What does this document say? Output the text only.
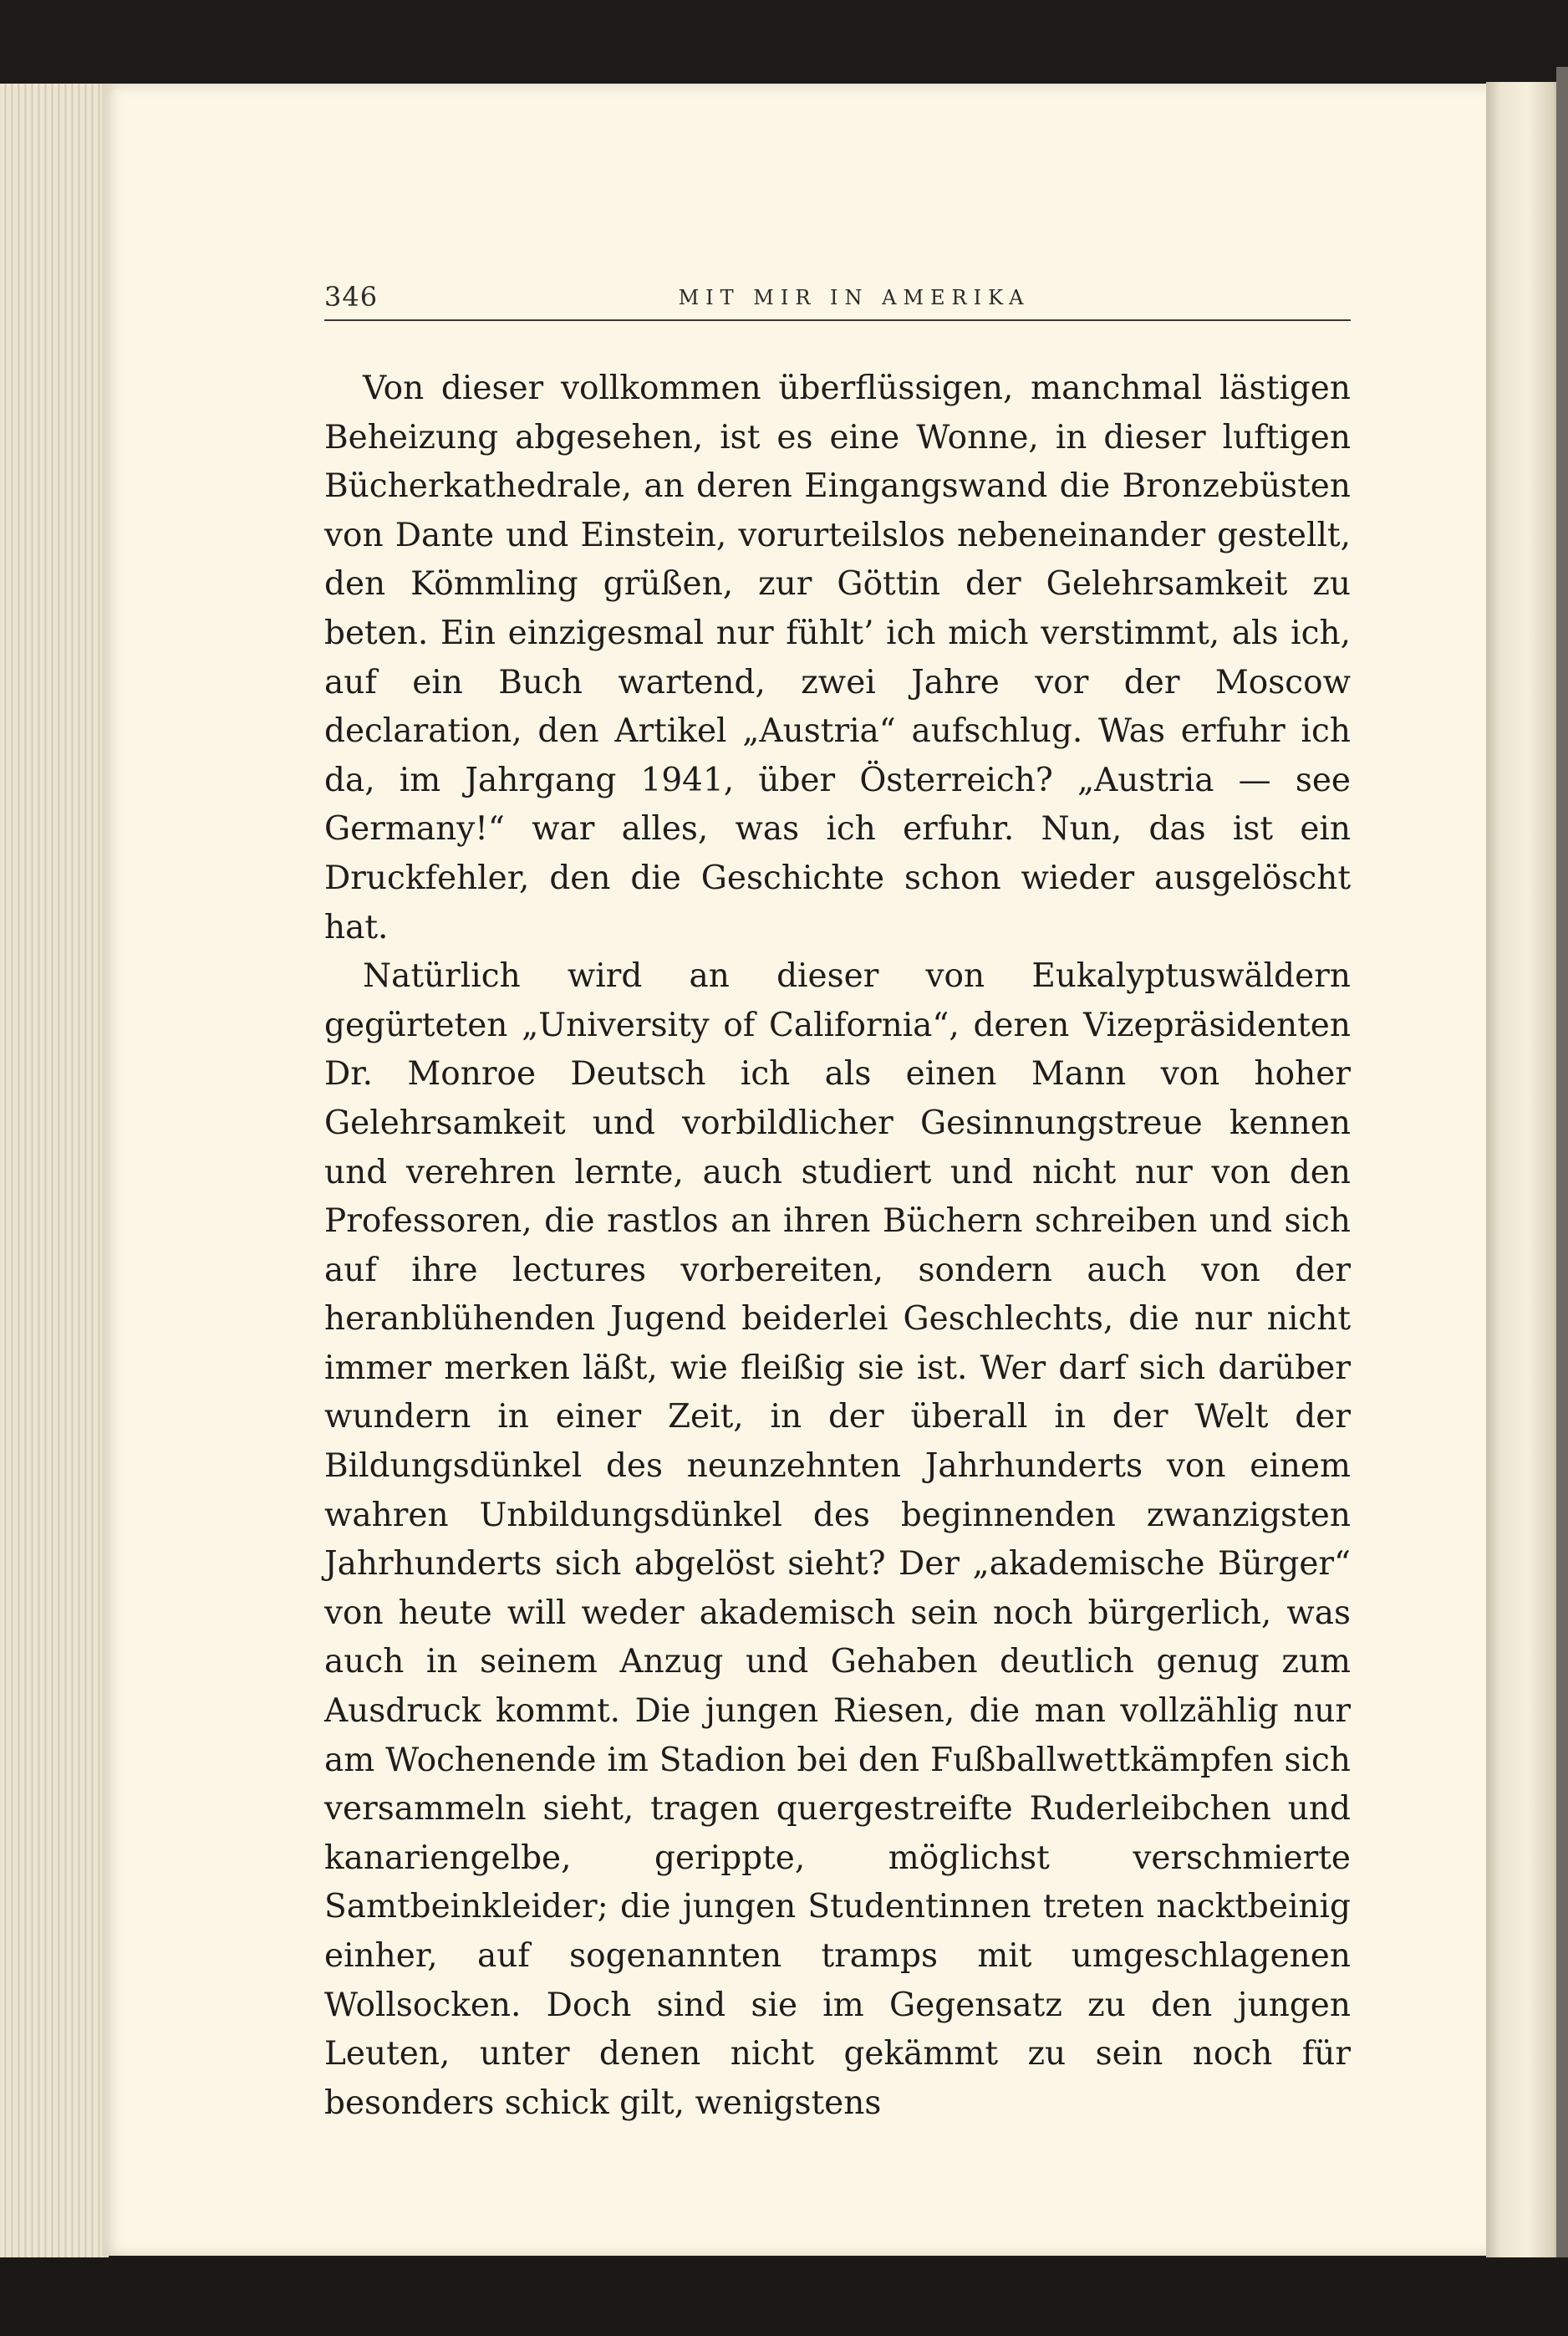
346	MIT MIR IN AMERIKA

Von dieser vollkommen überflüssigen, manchmal lästigen Beheizung abgesehen, ist es eine Wonne, in dieser luftigen Bücherkathedrale, an deren Eingangswand die Bronzebüsten von Dante und Einstein, vorurteilslos nebeneinander gestellt, den Kömmling grüßen, zur Göttin der Gelehrsamkeit zu beten. Ein einzigesmal nur fühlt’ ich mich verstimmt, als ich, auf ein Buch wartend, zwei Jahre vor der Moscow declaration, den Artikel „Austria“ aufschlug. Was erfuhr ich da, im Jahrgang 1941, über Österreich? „Austria — see Germany!“ war alles, was ich erfuhr. Nun, das ist ein Druckfehler, den die Geschichte schon wieder ausgelöscht hat.

Natürlich wird an dieser von Eukalyptuswäldern gegürteten „University of California“, deren Vizepräsidenten Dr. Monroe Deutsch ich als einen Mann von hoher Gelehrsamkeit und vorbildlicher Gesinnungstreue kennen und verehren lernte, auch studiert und nicht nur von den Professoren, die rastlos an ihren Büchern schreiben und sich auf ihre lectures vorbereiten, sondern auch von der heranblühenden Jugend beiderlei Geschlechts, die nur nicht immer merken läßt, wie fleißig sie ist. Wer darf sich darüber wundern in einer Zeit, in der überall in der Welt der Bildungsdünkel des neunzehnten Jahrhunderts von einem wahren Unbildungsdünkel des beginnenden zwanzigsten Jahrhunderts sich abgelöst sieht? Der „akademische Bürger“ von heute will weder akademisch sein noch bürgerlich, was auch in seinem Anzug und Gehaben deutlich genug zum Ausdruck kommt. Die jungen Riesen, die man vollzählig nur am Wochenende im Stadion bei den Fußballwettkämpfen sich versammeln sieht, tragen quergestreifte Ruderleibchen und kanariengelbe, gerippte, möglichst verschmierte Samtbeinkleider; die jungen Studentinnen treten nacktbeinig einher, auf sogenannten tramps mit umgeschlagenen Wollsocken. Doch sind sie im Gegensatz zu den jungen Leuten, unter denen nicht gekämmt zu sein noch für besonders schick gilt, wenigstens
